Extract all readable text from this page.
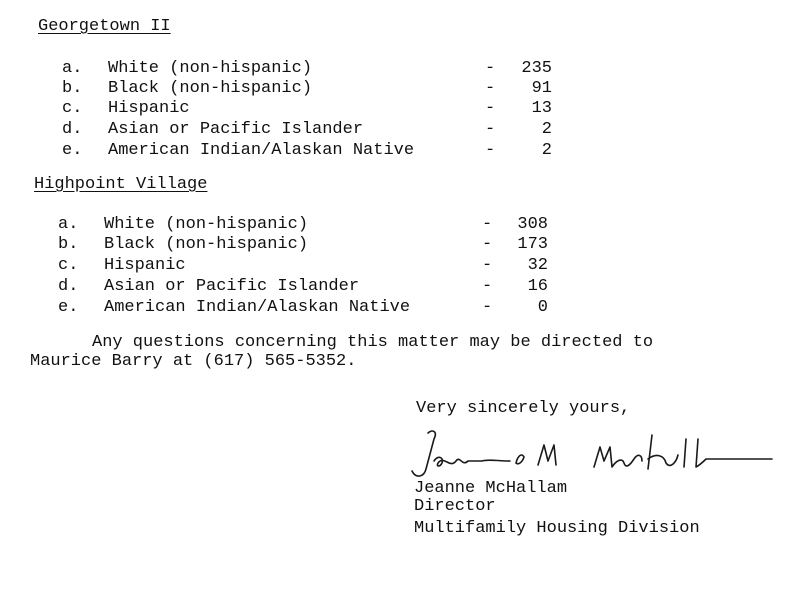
Georgetown II
a. White (non-hispanic)	-	235
b. Black (non-hispanic)	-	91
c. Hispanic	-	13
d. Asian or Pacific Islander	-	2
e. American Indian/Alaskan Native	-	2
Highpoint Village
a. White (non-hispanic)	-	308
b. Black (non-hispanic)	-	173
c. Hispanic	-	32
d. Asian or Pacific Islander	-	16
e. American Indian/Alaskan Native	-	0
Any questions concerning this matter may be directed to
Maurice Barry at (617) 565-5352.
Very sincerely yours,
Jeanne McHallam
Director
Multifamily Housing Division
